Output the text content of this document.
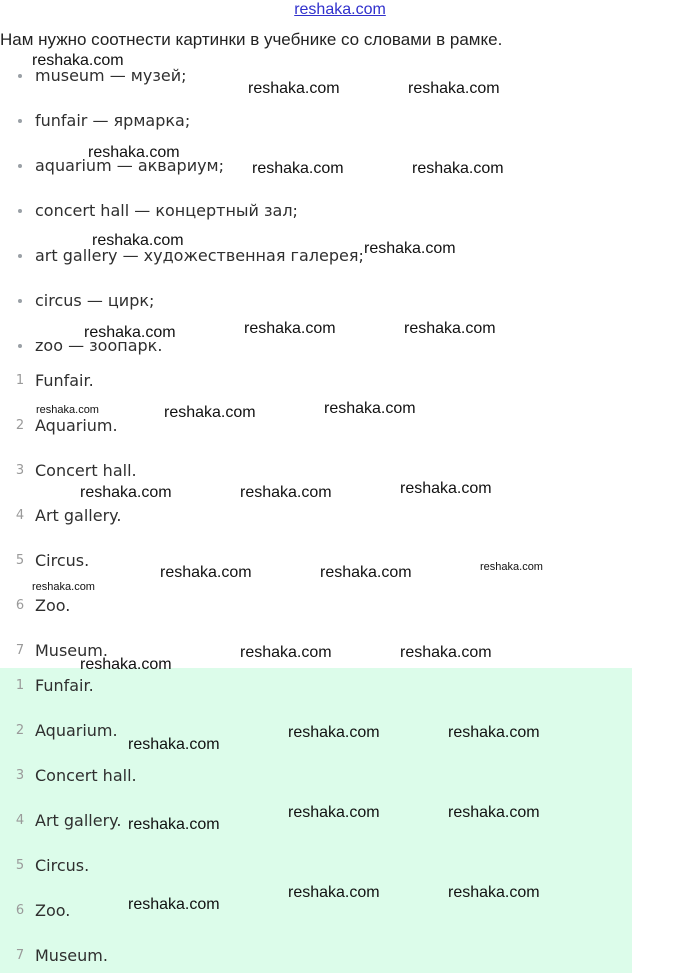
reshaka.com
Нам нужно соотнести картинки в учебнике со словами в рамке.
museum — музей;
funfair — ярмарка;
aquarium — аквариум;
concert hall — концертный зал;
art gallery — художественная галерея;
circus — цирк;
zoo — зоопарк.
1 Funfair.
2 Aquarium.
3 Concert hall.
4 Art gallery.
5 Circus.
6 Zoo.
7 Museum.
1 Funfair.
2 Aquarium.
3 Concert hall.
4 Art gallery.
5 Circus.
6 Zoo.
7 Museum.
reshaka.com
reshaka.com	reshaka.com
reshaka.com
reshaka.com	reshaka.com
reshaka.com	reshaka.com
reshaka.com	reshaka.com	reshaka.com
reshaka.com	reshaka.com	reshaka.com
reshaka.com	reshaka.com	reshaka.com
reshaka.com
reshaka.com	reshaka.com
reshaka.com
reshaka.com
reshaka.com	reshaka.com
reshaka.com
reshaka.com	reshaka.com
reshaka.com
reshaka.com	reshaka.com
reshaka.com
reshaka.com	reshaka.com
